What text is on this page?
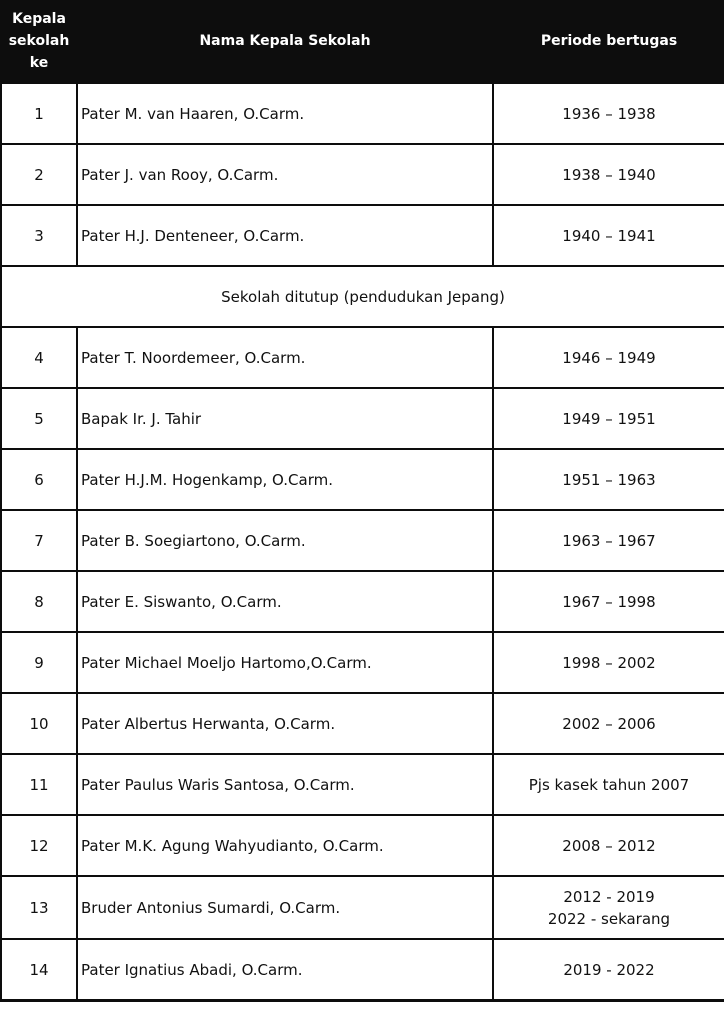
Kepala
sekolah
ke	Nama Kepala Sekolah	Periode bertugas
1	Pater M. van Haaren, O.Carm.	1936 – 1938
2	Pater J. van Rooy, O.Carm.	1938 – 1940
3	Pater H.J. Denteneer, O.Carm.	1940 – 1941
Sekolah ditutup (pendudukan Jepang)		
4	Pater T. Noordemeer, O.Carm.	1946 – 1949
5	Bapak Ir. J. Tahir	1949 – 1951
6	Pater H.J.M. Hogenkamp, O.Carm.	1951 – 1963
7	Pater B. Soegiartono, O.Carm.	1963 – 1967
8	Pater E. Siswanto, O.Carm.	1967 – 1998
9	Pater Michael Moeljo Hartomo,O.Carm.	1998 – 2002
10	Pater Albertus Herwanta, O.Carm.	2002 – 2006
11	Pater Paulus Waris Santosa, O.Carm.	Pjs kasek tahun 2007
12	Pater M.K. Agung Wahyudianto, O.Carm.	2008 – 2012
13	Bruder Antonius Sumardi, O.Carm.	2012 - 2019
2022 - sekarang

14	Pater Ignatius Abadi, O.Carm.	2019 - 2022
